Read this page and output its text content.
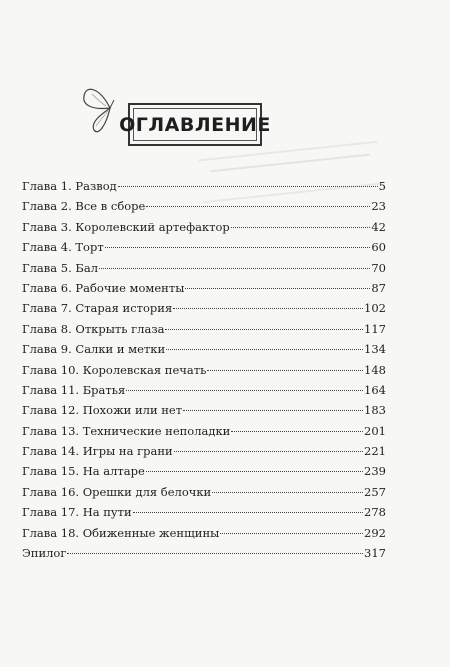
ОГЛАВЛЕНИЕ
Глава 1. Развод	5
Глава 2. Все в сборе	23
Глава 3. Королевский артефактор	42
Глава 4. Торт	60
Глава 5. Бал	70
Глава 6. Рабочие моменты	87
Глава 7. Старая история	102
Глава 8. Открыть глаза	117
Глава 9. Салки и метки	134
Глава 10. Королевская печать	148
Глава 11. Братья	164
Глава 12. Похожи или нет	183
Глава 13. Технические неполадки	201
Глава 14. Игры на грани	221
Глава 15. На алтаре	239
Глава 16. Орешки для белочки	257
Глава 17. На пути	278
Глава 18. Обиженные женщины	292
Эпилог	317
